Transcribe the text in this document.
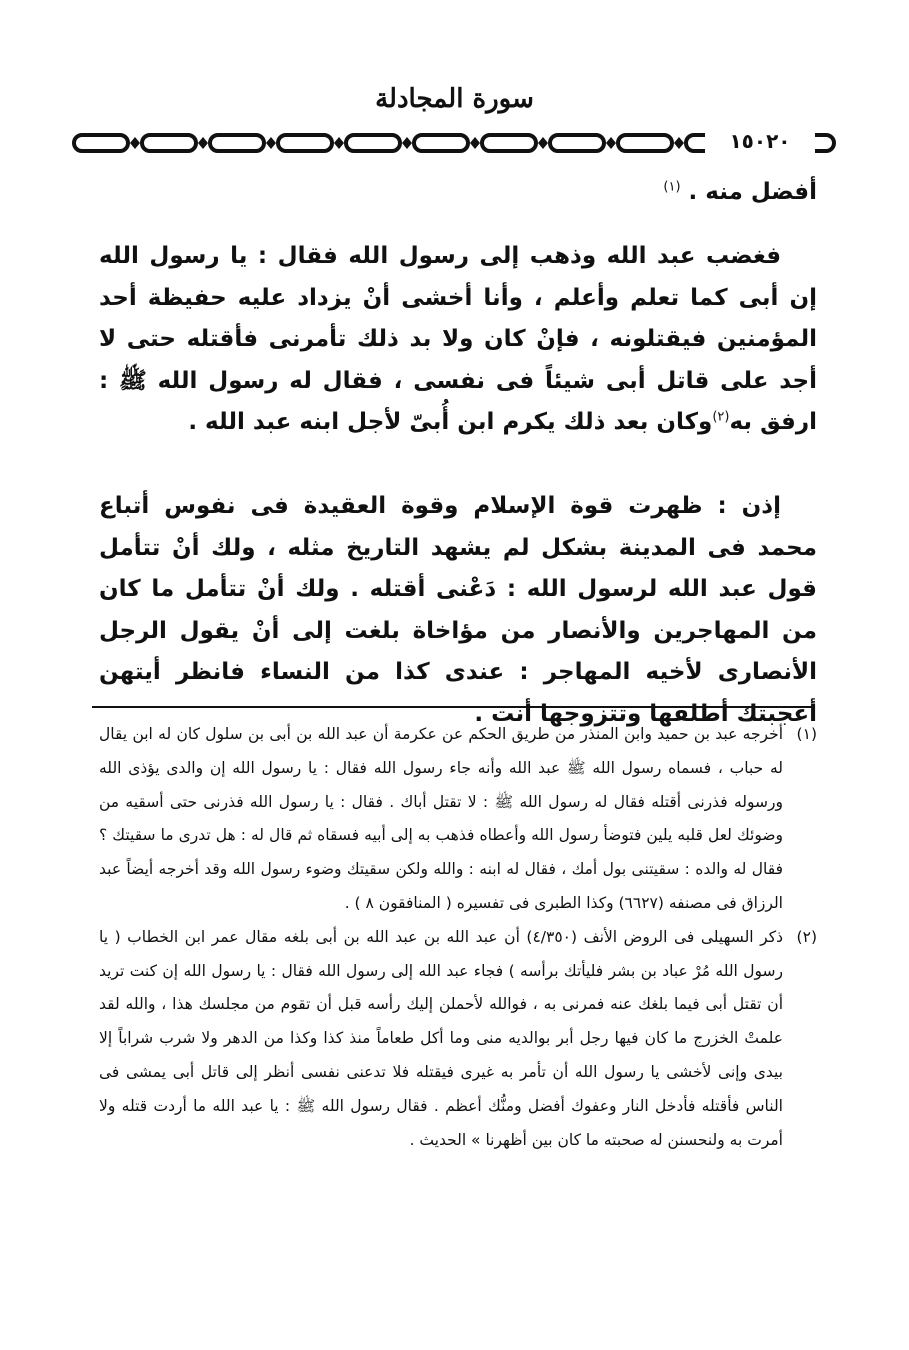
سورة المجادلة
١٥٠٢٠

أفضل منه . $^{(١)}$

فغضب عبد الله وذهب إلى رسول الله فقال : يا رسول الله إن أبى كما تعلم وأعلم ، وأنا أخشى أنْ يزداد عليه حفيظة أحد المؤمنين فيقتلونه ، فإنْ كان ولا بد ذلك تأمرنى فأقتله حتى لا أجد على قاتل أبى شيئاً فى نفسى ، فقال له رسول الله ﷺ : ارفق به$^{(٢)}$وكان بعد ذلك يكرم ابن أُبىّ لأجل ابنه عبد الله .

إذن : ظهرت قوة الإسلام وقوة العقيدة فى نفوس أتباع محمد فى المدينة بشكل لم يشهد التاريخ مثله ، ولك أنْ تتأمل قول عبد الله لرسول الله : دَعْنى أقتله . ولك أنْ تتأمل ما كان من المهاجرين والأنصار من مؤاخاة بلغت إلى أنْ يقول الرجل الأنصارى لأخيه المهاجر : عندى كذا من النساء فانظر أيتهن أعجبتك أطلقها وتتزوجها أنت .

(١)
أخرجه عبد بن حميد وابن المنذر من طريق الحكم عن عكرمة أن عبد الله بن أبى بن سلول كان له ابن يقال له حباب ، فسماه رسول الله ﷺ عبد الله وأنه جاء رسول الله فقال : يا رسول الله إن والدى يؤذى الله ورسوله فذرنى أقتله فقال له رسول الله ﷺ : لا تقتل أباك . فقال : يا رسول الله فذرنى حتى أسقيه من وضوئك لعل قلبه يلين فتوضأ رسول الله وأعطاه فذهب به إلى أبيه فسقاه ثم قال له : هل تدرى ما سقيتك ؟ فقال له والده : سقيتنى بول أمك ، فقال له ابنه : والله ولكن سقيتك وضوء رسول الله وقد أخرجه أيضاً عبد الرزاق فى مصنفه (٦٦٢٧) وكذا الطبرى فى تفسيره ( المنافقون ٨ ) .

(٢)
ذكر السهيلى فى الروض الأنف (٤/٣٥٠) أن عبد الله بن عبد الله بن أبى بلغه مقال عمر ابن الخطاب ( يا رسول الله مُرْ عباد بن بشر فليأتك برأسه ) فجاء عبد الله إلى رسول الله فقال : يا رسول الله إن كنت تريد أن تقتل أبى فيما بلغك عنه فمرنى به ، فوالله لأحملن إليك رأسه قبل أن تقوم من مجلسك هذا ، والله لقد علمتْ الخزرج ما كان فيها رجل أبر بوالديه منى وما أكل طعاماً منذ كذا وكذا من الدهر ولا شرب شراباً إلا بيدى وإنى لأخشى يا رسول الله أن تأمر به غيرى فيقتله فلا تدعنى نفسى أنظر إلى قاتل أبى يمشى فى الناس فأقتله فأدخل النار وعفوك أفضل ومنُّك أعظم . فقال رسول الله ﷺ : يا عبد الله ما أردت قتله ولا أمرت به ولنحسنن له صحبته ما كان بين أظهرنا » الحديث .
